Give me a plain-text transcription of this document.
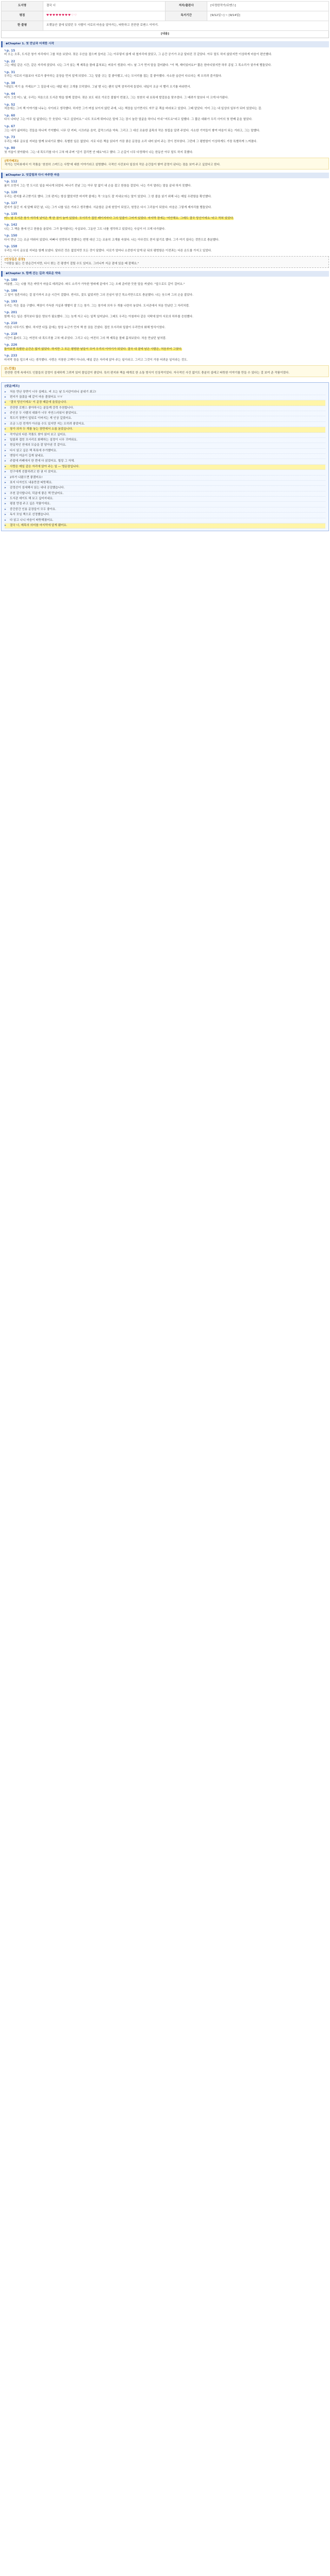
도서명	결국 너	저자/출판사	[다정한작가/로맨스]
평점	♥♥♥♥♥♥♥♥♡♡	독서기간	[9/12일~] ~ [9/14일]
한 줄평	오랫동안 곁에 있었던 두 사람이 서로의 마음을 알아가는, 따뜻하고 잔잔한 로맨스 이야기.		
[내용]
◆Chapter 1. 첫 만남과 어색한 시작
✎ p. 15
비 오는 오후, 도서관 창가 자리에서 그를 처음 보았다. 젖은 우산을 접으며 들어온 그는 아무렇지 않게 내 옆자리에 앉았고, 그 순간 공기가 조금 달라진 것 같았다. 아무 말도 하지 않았지만 이상하게 마음이 편안했다.
✎ p. 22
그는 매일 같은 시간, 같은 자리에 앉았다. 나는 그가 읽는 책 제목을 몰래 훔쳐보는 버릇이 생겼다. 어느 날 그가 먼저 말을 걸어왔다. "이 책, 재미있어요?" 짧은 한마디였지만 하루 종일 그 목소리가 귓가에 맴돌았다.
✎ p. 31
우리는 서로의 이름보다 서로가 좋아하는 문장을 먼저 알게 되었다. 그는 밑줄 긋는 걸 좋아했고, 나는 모서리를 접는 걸 좋아했다. 사소한 습관이 다르다는 게 오히려 즐거웠다.
✎ p. 38
"내일도 여기 올 거예요?" 그 질문에 나는 대답 대신 고개를 끄덕였다. 그날 밤 나는 괜히 일찍 잠자리에 들었다. 내일이 조금 더 빨리 오기를 바라면서.
✎ p. 44
비가 그친 어느 날, 우리는 처음으로 도서관 밖을 함께 걸었다. 젖은 보도 위로 가로등 불빛이 번졌고, 그는 천천히 내 보폭에 발걸음을 맞추었다. 그 배려가 말보다 더 크게 다가왔다.
✎ p. 52
처음에는 그저 책 이야기를 나누는 사이라고 생각했다. 하지만 그가 며칠 보이지 않던 주에, 나는 책장을 넘기면서도 자꾸 문 쪽을 바라보고 있었다. 그때 알았다. 이미 그는 내 일상의 일부가 되어 있었다는 걸.
✎ p. 60
다시 나타난 그는 아무 일 없었다는 듯 웃었다. "보고 싶었어요." 나도 모르게 튀어나온 말에 그는 잠시 놀란 얼굴을 하더니 이내 "저도요"라고 답했다. 그 짧은 대화가 우리 사이의 첫 번째 문을 열었다.
✎ p. 67
그는 내가 싫어하는 것들을 하나씩 기억했다. 너무 단 커피, 시끄러운 음악, 갑작스러운 약속. 그리고 그 대신 조용한 골목의 작은 찻집을 알려 주었다. 사소한 기억들이 쌓여 마음이 되는 거라고, 그는 말했다.
✎ p. 73
우리는 매주 금요일 저녁을 함께 보내기로 했다. 특별한 일은 없었다. 서로 다른 책을 읽다가 가끔 좋은 문장을 소리 내어 읽어 주는 것이 전부였다. 그런데 그 평범함이 이상하게도 가장 특별하게 느껴졌다.
✎ p. 80
첫 겨울이 찾아왔다. 그는 내 목도리를 다시 고쳐 매 주며 "감기 걸리면 안 돼요"라고 했다. 그 손길이 너무 다정해서 나는 한동안 아무 말도 하지 못했다.
[작가메모]
작가는 인터뷰에서 이 작품을 '천천히 스며드는 사랑'에 대한 이야기라고 설명했다. 극적인 사건보다 일상의 작은 순간들이 쌓여 감정이 된다는 점을 보여 주고 싶었다고 한다.
◆Chapter 2. 엇갈림과 다시 마주한 마음
✎ p. 112
봄이 오면서 그는 먼 도시로 일을 떠나게 되었다. 떠나기 전날 그는 아무 말 없이 내 손을 잡고 한참을 걸었다. 나는 가지 말라는 말을 끝내 하지 못했다.
✎ p. 120
우리는 편지를 주고받기로 했다. 그의 편지는 항상 짧았지만 마지막 줄에는 꼭 '오늘도 잘 지내요'라는 말이 있었다. 그 한 줄을 읽기 위해 나는 매일 우편함을 확인했다.
✎ p. 127
편지가 끊긴 지 세 달째 되던 날, 나는 그가 나를 잊은 거라고 생각했다. 서운함은 금세 원망이 되었고, 원망은 다시 그리움이 되었다. 마음은 그렇게 제자리를 맴돌았다.
✎ p. 135
어느 날 도서관 창가 자리에 낯익은 책 한 권이 놓여 있었다. 모서리가 접힌 페이지마다 그의 밑줄이 그어져 있었다. 마지막 장에는 '미안해요. 그래도 결국 당신이에요.'라고 적혀 있었다.
✎ p. 142
나는 그 책을 품에 안고 한참을 울었다. 그가 돌아왔다는 사실보다, 그동안 그도 나를 생각하고 있었다는 사실이 더 크게 다가왔다.
✎ p. 150
다시 만난 그는 조금 야위어 있었다. 바빠서 연락하지 못했다는 변명 대신 그는 조용히 고개를 숙였다. 나는 아무것도 묻지 않기로 했다. 그가 여기 있다는 것만으로 충분했다.
✎ p. 158
우리는 다시 금요일 저녁을 함께 보냈다. 달라진 것은 없었지만 모든 것이 달랐다. 서로가 얼마나 소중한지 알게 된 뒤의 평범함은 이전과는 다른 온도를 가지고 있었다.
[인상깊은 문장]
"사람을 잃는 건 한순간이지만, 다시 찾는 건 평생이 걸릴 수도 있어요. 그러니까 지금 곁에 있을 때 잘해요."
◆Chapter 3. 함께 걷는 길과 새로운 약속
✎ p. 180
여름밤, 그는 나를 작은 바닷가 마을로 데려갔다. 파도 소리가 가득한 방파제 끝에서 그는 오래 준비한 듯한 말을 꺼냈다. "앞으로도 같이 걸어요."
✎ p. 186
그 말이 청혼이라는 걸 알기까지 조금 시간이 걸렸다. 반지도, 꽃도 없었지만 그의 진심이 담긴 목소리만으로도 충분했다. 나는 웃으며 그의 손을 잡았다.
✎ p. 193
우리는 작은 집을 구했다. 책장이 가득한 거실과 햇볕이 잘 드는 창가. 그는 창가에 의자 두 개를 나란히 놓았다. 도서관에서 처음 만났던 그 자리처럼.
✎ p. 201
함께 사는 일은 생각보다 많은 양보가 필요했다. 그는 늦게 자고 나는 일찍 일어났다. 그래도 우리는 아침마다 같은 식탁에 앉아 서로의 하루를 응원했다.
✎ p. 210
가끔은 다투기도 했다. 하지만 다툼 끝에는 항상 누군가 먼저 책 한 권을 건넸다. 접힌 모서리와 밑줄이 우리만의 화해 방식이었다.
✎ p. 218
시간이 흘러도 그는 여전히 내 목도리를 고쳐 매 주었다. 그리고 나는 여전히 그의 책 제목을 몰래 훔쳐보았다. 처음 만났던 날처럼.
✎ p. 226
돌아보면 특별한 순간은 많지 않았다. 하지만 그 모든 평범한 날들이 모여 우리의 이야기가 되었다. 결국 내 곁에 남은 사람은, 처음부터 그였다.
✎ p. 233
마지막 장을 덮으며 나는 생각했다. 사랑은 거창한 고백이 아니라, 매일 같은 자리에 앉아 주는 일이라고. 그리고 그것이 가장 어려운 일이라는 것도.
[느낀점]
잔잔한 전개 속에서도 인물들의 감정이 섬세하게 그려져 있어 몰입감이 좋았다. 특히 편지와 책을 매개로 한 소통 방식이 인상적이었다. 자극적인 사건 없이도 충분히 설레고 따뜻한 이야기를 만들 수 있다는 걸 보여 준 작품이었다.
[댓글/메모]
▸ 처음 만난 장면이 너무 설레요. 비 오는 날 도서관이라니 분위기 최고!
▸ 편지가 끊겼을 때 같이 마음 졸였어요 ㅠㅠ
▸ '결국 당신이에요' 이 문장 때문에 울었습니다.
▸ 잔잔한 로맨스 좋아하시는 분들께 강력 추천합니다.
▸ 주인공 두 사람의 대화가 너무 자연스러워서 좋았어요.
▸ 목도리 장면이 앞뒤로 이어지는 게 인상 깊었어요.
▸ 조금 느린 전개가 아쉬울 수도 있지만 저는 오히려 좋았어요.
▸ 창가 의자 두 개를 놓는 장면에서 소름 돋았습니다.
▸ 작가님의 다른 작품도 찾아 읽어 보고 싶어요.
▸ 밑줄과 접힌 모서리로 화해하는 설정이 너무 귀여워요.
▸ 현실적인 연애의 모습을 잘 담아낸 것 같아요.
▸ 다시 읽고 싶은 책 목록에 추가했어요.
▸ 엔딩이 여운이 길게 남네요.
▸ 주말에 카페에서 한 번에 다 읽었어요. 힐링 그 자체.
▸ 사랑은 매일 같은 자리에 앉아 주는 일 — 명문장입니다.
▸ 친구에게 선물하려고 한 권 더 샀어요.
▸ 2부가 나왔으면 좋겠어요!
▸ 표지 디자인도 내용만큼 따뜻해요.
▸ 감정선이 섬세해서 읽는 내내 공감했습니다.
▸ 추천 감사합니다, 덕분에 좋은 책 만났어요.
▸ 도서관 데이트 해 보고 싶어지네요.
▸ 평점 만점 주고 싶은 작품이에요.
▸ 중간중간 인용 문장들이 모두 좋아요.
▸ 독서 모임 책으로 선정했습니다.
▸ 다 읽고 나니 마음이 따뜻해졌어요.
▸ 결국 너, 제목의 의미를 마지막에 알게 됐어요.
